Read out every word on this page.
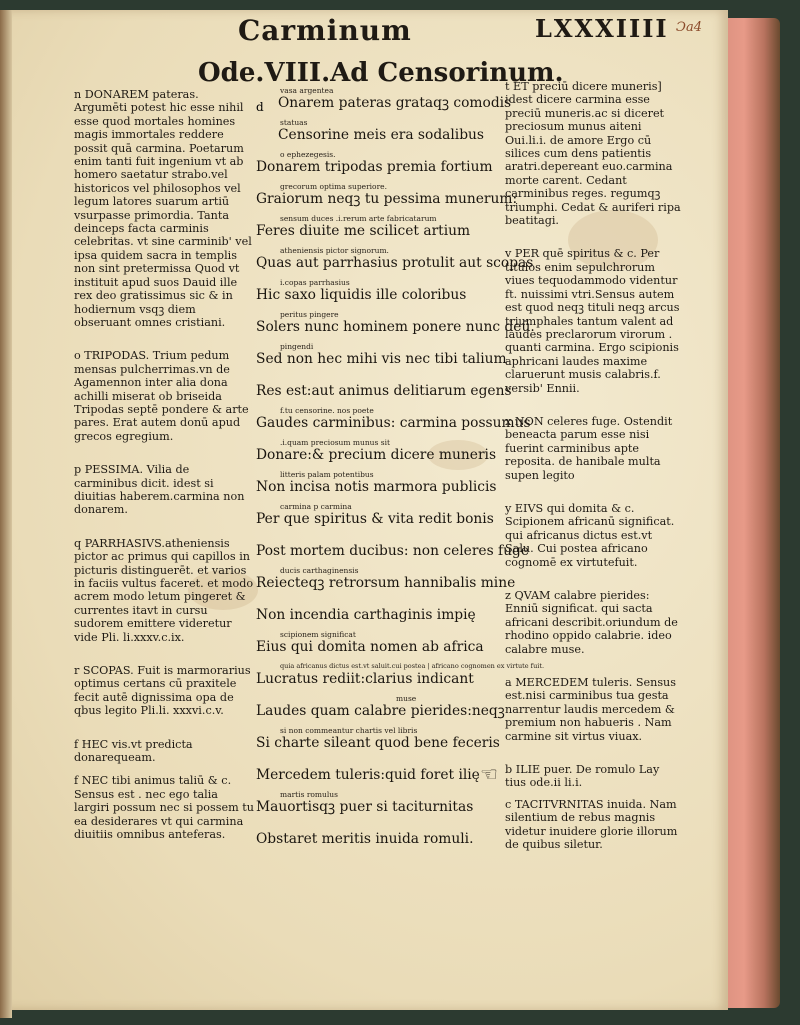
Carminum	LXXXIIII Ɔa4
Ode.VIII.Ad Censorinum.

n DONAREM pateras. Argumēti potest hic esse nihil esse quod mortales homines magis immortales reddere possit quā carmina. Poetarum enim tanti fuit ingenium vt ab homero saetatur strabo.vel historicos vel philosophos vel legum latores suarum artiū vsurpasse primordia. Tanta deinceps facta carminis celebritas. vt sine carminib' vel ipsa quidem sacra in templis non sint pretermissa Quod vt instituit apud suos Dauid ille rex deo gratissimus sic & in hodiernum vsqꝫ diem obseruant omnes cristiani.

o TRIPODAS. Trium pedum mensas pulcherrimas.vn de Agamennon inter alia dona achilli miserat ob briseida Tripodas septē pondere & arte pares. Erat autem donū apud grecos egregium.

p PESSIMA. Vilia de carminibus dicit. idest si diuitias haberem.carmina non donarem.

q PARRHASIVS.atheniensis pictor ac primus qui capillos in picturis distinguerēt. et varios in faciis vultus faceret. et modo acrem modo letum pingeret & currentes itavt in cursu sudorem emittere videretur vide Pli. li.xxxv.c.ix.

r SCOPAS. Fuit is marmorarius optimus certans cū praxitele fecit autē dignissima opa de qbus legito Pli.li. xxxvi.c.v.

f HEC vis.vt predicta donarequeam.

f NEC tibi animus taliū & c. Sensus est . nec ego talia largiri possum nec si possem tu ea desiderares vt qui carmina diuitiis omnibus anteferas.

d
vasa argentea
Onarem pateras grataqꝫ comodis
statuas
Censorine meis era sodalibus
o ephezegesis.
Donarem tripodas premia fortium
grecorum optima superiore.
Graiorum neqꝫ tu pessima munerum:
sensum duces .i.rerum arte fabricatarum
Feres diuite me scilicet artium
atheniensis pictor signorum.
Quas aut parrhasius protulit aut scopas
i.copas parrhasius
Hic saxo liquidis ille coloribus
peritus pingere
Solers nunc hominem ponere nunc deū.
pingendi
Sed non hec mihi vis nec tibi talium
Res est:aut animus delitiarum egens
f.tu censorine. nos poete
Gaudes carminibus: carmina possumus
.i.quam preciosum munus sit
Donare:& precium dicere muneris
litteris palam potentibus
Non incisa notis marmora publicis
carmina p carmina
Per que spiritus & vita redit bonis
Post mortem ducibus: non celeres fuge
ducis carthaginensis
Reiecteqꝫ retrorsum hannibalis mine
Non incendia carthaginis impię
scipionem significat
Eius qui domita nomen ab africa
quia africanus dictus est.vt saluit.cui postea | africano cognomen ex virtute fuit.
Lucratus rediit:clarius indicant
muse
Laudes quam calabre pierides:neqꝫ
si non commeantur chartis vel libris
Si charte sileant quod bene feceris
Mercedem tuleris:quid foret ilię
martis romulus
Mauortisqꝫ puer si taciturnitas
Obstaret meritis inuida romuli.
☜

t ET preciū dicere muneris] idest dicere carmina esse preciū muneris.ac si diceret preciosum munus aiteni Oui.li.i. de amore Ergo cū silices cum dens patientis aratri.depereant euo.carmina morte carent. Cedant carminibus reges. regumqꝫ triumphi. Cedat & auriferi ripa beatitagi.

v PER quē spiritus & c. Per titulos enim sepulchrorum viues tequodammodo videntur ft. nuissimi vtri.Sensus autem est quod neqꝫ tituli neqꝫ arcus triumphales tantum valent ad laudes preclarorum virorum . quanti carmina. Ergo scipionis aphricani laudes maxime claruerunt musis calabris.f. versib' Ennii.

x NON celeres fuge. Ostendit beneacta parum esse nisi fuerint carminibus apte reposita. de hanibale multa supen legito

y EIVS qui domita & c. Scipionem africanū significat. qui africanus dictus est.vt Salu. Cui postea africano cognomē ex virtutefuit.

z QVAM calabre pierides: Enniū significat. qui sacta africani describit.oriundum de rhodino oppido calabrie. ideo calabre muse.

a MERCEDEM tuleris. Sensus est.nisi carminibus tua gesta narrentur laudis mercedem & premium non habueris . Nam carmine sit virtus viuax.

b ILIE puer. De romulo Lay tius ode.ii li.i.

c TACITVRNITAS inuida. Nam silentium de rebus magnis videtur inuidere glorie illorum de quibus siletur.
